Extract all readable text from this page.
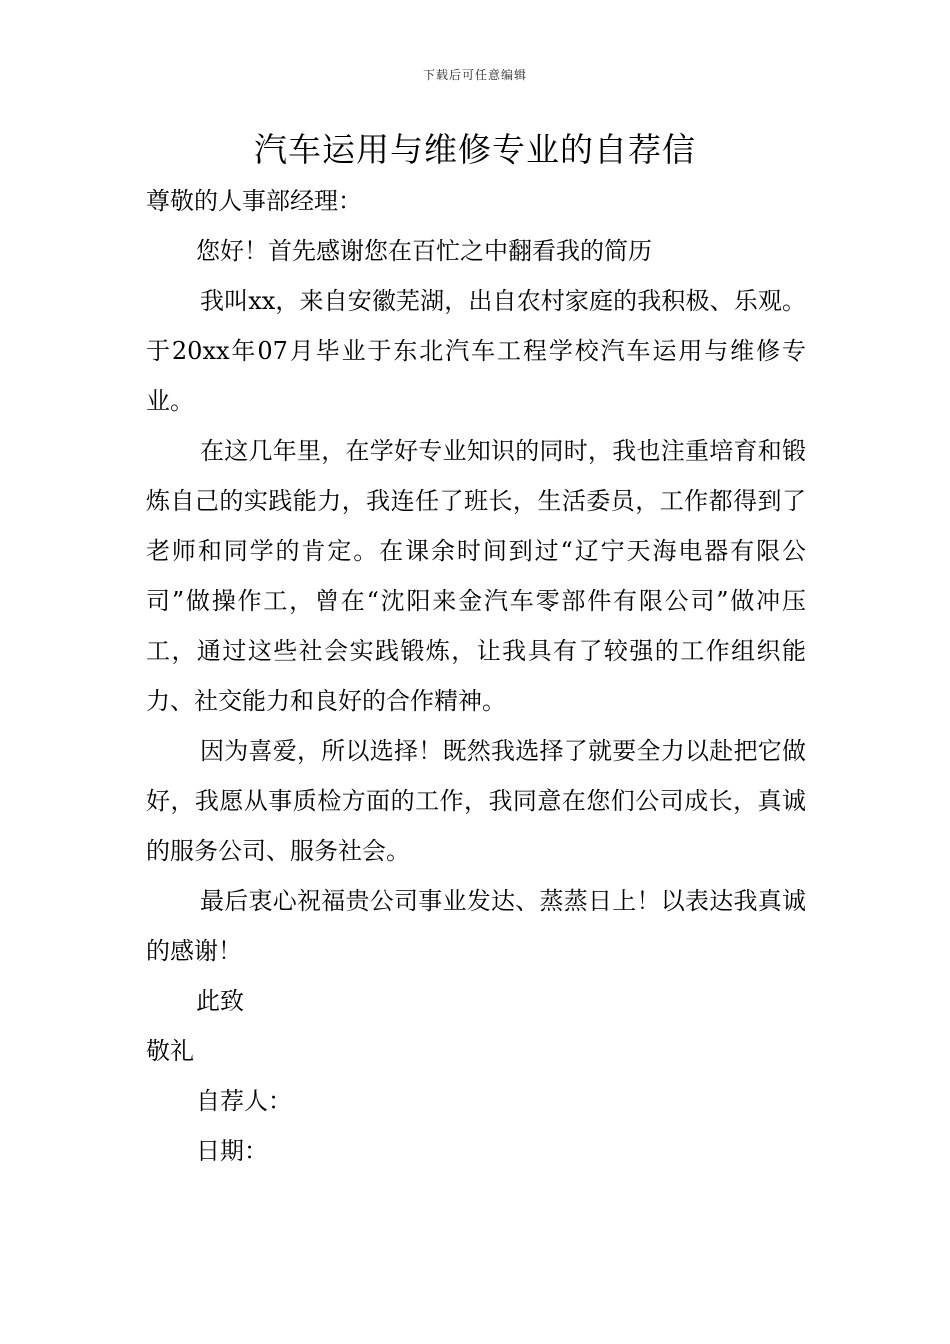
下载后可任意编辑
汽车运用与维修专业的自荐信

尊敬的人事部经理：

您好！首先感谢您在百忙之中翻看我的简历

我叫xx，来自安徽芜湖，出自农村家庭的我积极、乐观。于20xx年07月毕业于东北汽车工程学校汽车运用与维修专业。

在这几年里，在学好专业知识的同时，我也注重培育和锻炼自己的实践能力，我连任了班长，生活委员，工作都得到了老师和同学的肯定。在课余时间到过“辽宁天海电器有限公司”做操作工，曾在“沈阳来金汽车零部件有限公司”做冲压工，通过这些社会实践锻炼，让我具有了较强的工作组织能力、社交能力和良好的合作精神。

因为喜爱，所以选择！既然我选择了就要全力以赴把它做好，我愿从事质检方面的工作，我同意在您们公司成长，真诚的服务公司、服务社会。

最后衷心祝福贵公司事业发达、蒸蒸日上！以表达我真诚的感谢！

此致

敬礼

自荐人：

日期：
